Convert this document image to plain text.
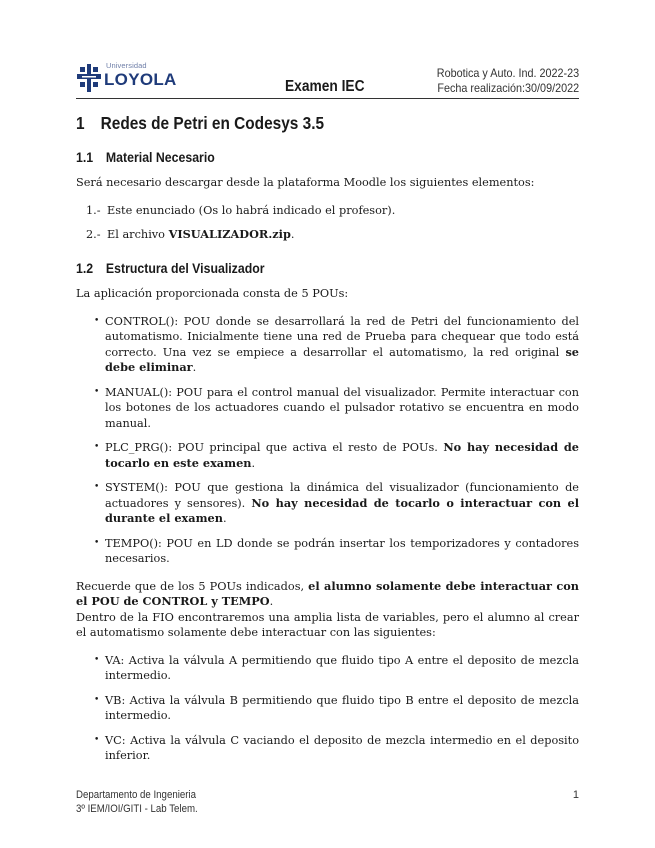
Universidad
LOYOLA	Examen IEC
Robotica y Auto. Ind. 2022-23
Fecha realización:30/09/2022
1 Redes de Petri en Codesys 3.5
1.1 Material Necesario

Será necesario descargar desde la plataforma Moodle los siguientes elementos:

1.- Este enunciado (Os lo habrá indicado el profesor).
2.- El archivo VISUALIZADOR.zip.
1.2 Estructura del Visualizador

La aplicación proporcionada consta de 5 POUs:

• CONTROL(): POU donde se desarrollará la red de Petri del funcionamiento del automatismo. Inicialmente tiene una red de Prueba para chequear que todo está correcto. Una vez se empiece a desarrollar el automatismo, la red original se debe eliminar.
• MANUAL(): POU para el control manual del visualizador. Permite interactuar con los botones de los actuadores cuando el pulsador rotativo se encuentra en modo manual.
• PLC_PRG(): POU principal que activa el resto de POUs. No hay necesidad de tocarlo en este examen.
• SYSTEM(): POU que gestiona la dinámica del visualizador (funcionamiento de actuadores y sensores). No hay necesidad de tocarlo o interactuar con el durante el examen.
• TEMPO(): POU en LD donde se podrán insertar los temporizadores y contadores necesarios.

Recuerde que de los 5 POUs indicados, el alumno solamente debe interactuar con el POU de CONTROL y TEMPO.

Dentro de la FIO encontraremos una amplia lista de variables, pero el alumno al crear el automatismo solamente debe interactuar con las siguientes:

• VA: Activa la válvula A permitiendo que fluido tipo A entre el deposito de mezcla intermedio.
• VB: Activa la válvula B permitiendo que fluido tipo B entre el deposito de mezcla intermedio.
• VC: Activa la válvula C vaciando el deposito de mezcla intermedio en el deposito inferior.
Departamento de Ingenieria
3º IEM/IOI/GITI - Lab Telem.
1
